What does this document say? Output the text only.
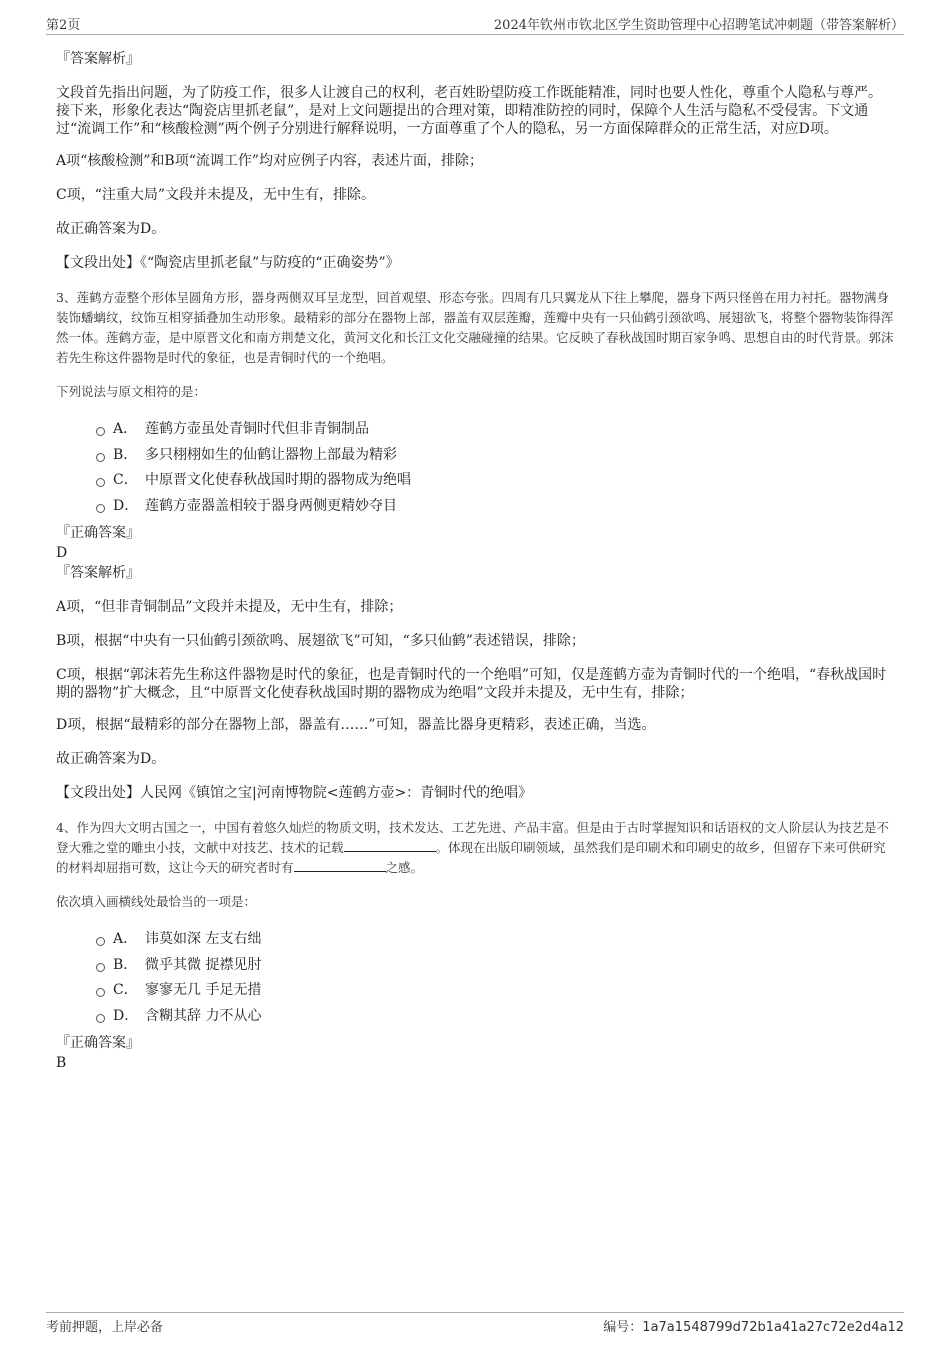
第2页	2024年钦州市钦北区学生资助管理中心招聘笔试冲刺题（带答案解析）

『答案解析』

文段首先指出问题，为了防疫工作，很多人让渡自己的权利，老百姓盼望防疫工作既能精准，同时也要人性化，尊重个人隐私与尊严。接下来，形象化表达“陶瓷店里抓老鼠”，是对上文问题提出的合理对策，即精准防控的同时，保障个人生活与隐私不受侵害。下文通过“流调工作”和“核酸检测”两个例子分别进行解释说明，一方面尊重了个人的隐私，另一方面保障群众的正常生活，对应D项。

A项“核酸检测”和B项“流调工作”均对应例子内容，表述片面，排除；

C项，“注重大局”文段并未提及，无中生有，排除。

故正确答案为D。

【文段出处】《“陶瓷店里抓老鼠”与防疫的“正确姿势”》

3、莲鹤方壶整个形体呈圆角方形，器身两侧双耳呈龙型，回首观望、形态夸张。四周有几只翼龙从下往上攀爬，器身下两只怪兽在用力衬托。器物满身装饰蟠螭纹，纹饰互相穿插叠加生动形象。最精彩的部分在器物上部，器盖有双层莲瓣，莲瓣中央有一只仙鹤引颈欲鸣、展翅欲飞，将整个器物装饰得浑然一体。莲鹤方壶，是中原晋文化和南方荆楚文化，黄河文化和长江文化交融碰撞的结果。它反映了春秋战国时期百家争鸣、思想自由的时代背景。郭沫若先生称这件器物是时代的象征，也是青铜时代的一个绝唱。

下列说法与原文相符的是：

A． 莲鹤方壶虽处青铜时代但非青铜制品
B． 多只栩栩如生的仙鹤让器物上部最为精彩
C． 中原晋文化使春秋战国时期的器物成为绝唱
D． 莲鹤方壶器盖相较于器身两侧更精妙夺目

『正确答案』

D

『答案解析』

A项，“但非青铜制品”文段并未提及，无中生有，排除；

B项，根据“中央有一只仙鹤引颈欲鸣、展翅欲飞”可知，“多只仙鹤”表述错误，排除；

C项，根据“郭沫若先生称这件器物是时代的象征，也是青铜时代的一个绝唱”可知，仅是莲鹤方壶为青铜时代的一个绝唱，“春秋战国时期的器物”扩大概念，且“中原晋文化使春秋战国时期的器物成为绝唱”文段并未提及，无中生有，排除；

D项，根据“最精彩的部分在器物上部，器盖有……”可知，器盖比器身更精彩，表述正确，当选。

故正确答案为D。

【文段出处】人民网《镇馆之宝|河南博物院<莲鹤方壶>：青铜时代的绝唱》

4、作为四大文明古国之一，中国有着悠久灿烂的物质文明，技术发达、工艺先进、产品丰富。但是由于古时掌握知识和话语权的文人阶层认为技艺是不登大雅之堂的雕虫小技，文献中对技艺、技术的记载	。体现在出版印刷领域，虽然我们是印刷术和印刷史的故乡，但留存下来可供研究的材料却屈指可数，这让今天的研究者时有	之感。

依次填入画横线处最恰当的一项是：

A． 讳莫如深 左支右绌
B． 微乎其微 捉襟见肘
C． 寥寥无几 手足无措
D． 含糊其辞 力不从心

『正确答案』

B

考前押题，上岸必备	编号：1a7a1548799d72b1a41a27c72e2d4a12
